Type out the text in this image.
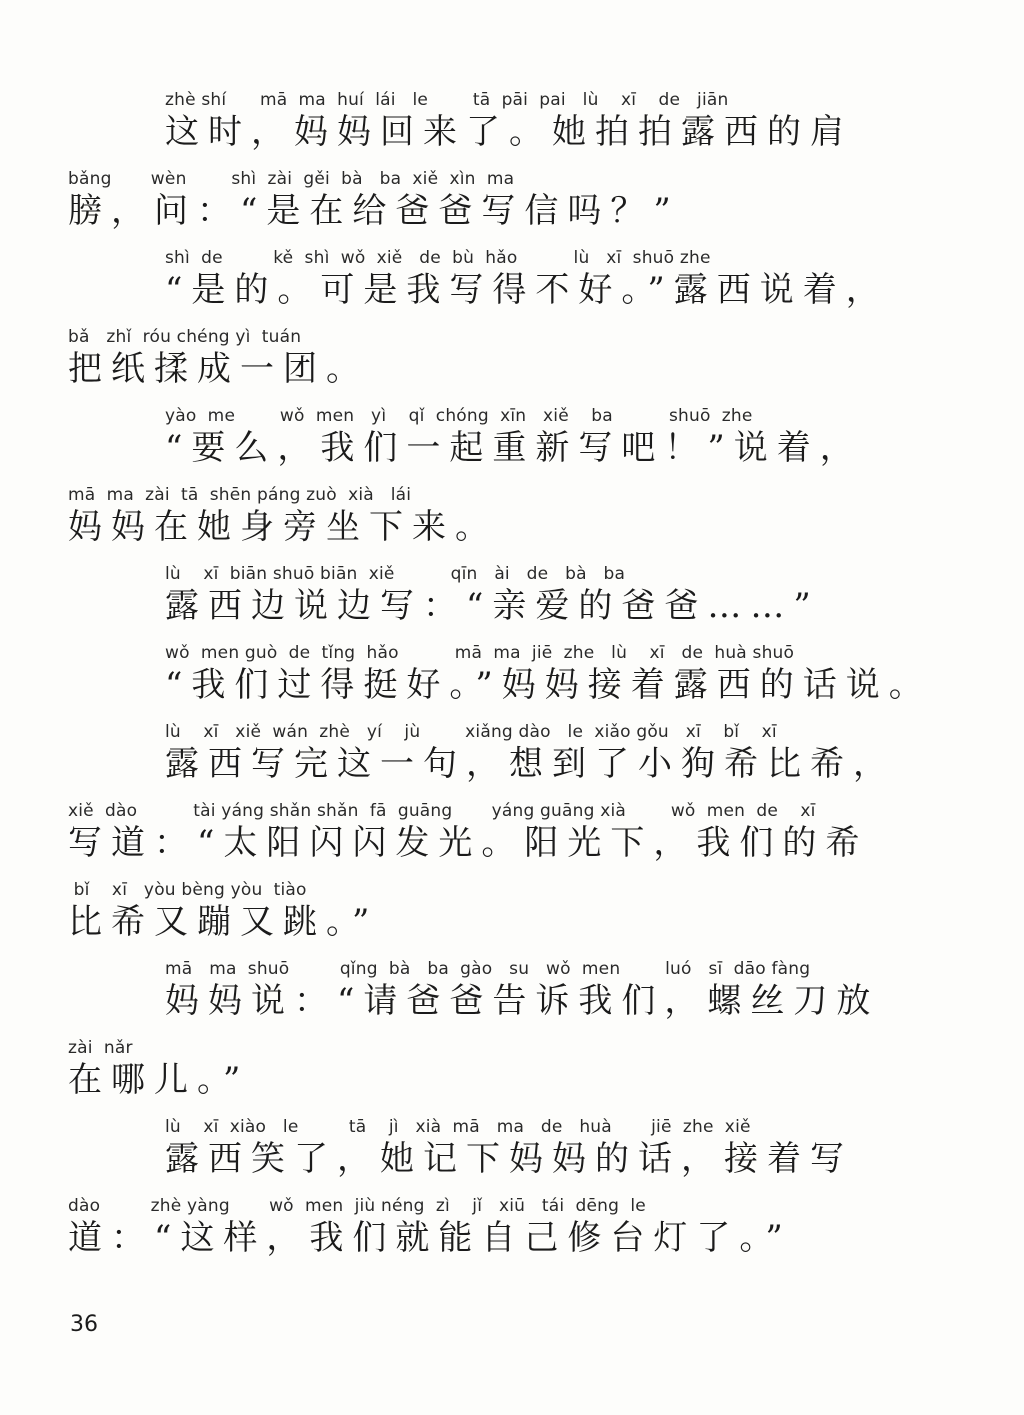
zhè shí      mā  ma  huí  lái   le        tā  pāi  pai   lù    xī    de   jiān
这时，妈妈回来了。她拍拍露西的肩
bǎng       wèn        shì  zài  gěi  bà   ba  xiě  xìn  ma
膀，问：“是在给爸爸写信吗？”
shì  de         kě  shì  wǒ  xiě   de  bù  hǎo          lù   xī  shuō zhe
“是的。可是我写得不好。”露西说着，
bǎ   zhǐ  róu chéng yì  tuán
把纸揉成一团。
yào  me        wǒ  men   yì    qǐ  chóng  xīn   xiě    ba          shuō  zhe
“要么，我们一起重新写吧！”说着，
mā  ma  zài  tā  shēn páng zuò  xià   lái
妈妈在她身旁坐下来。
lù    xī  biān shuō biān  xiě          qīn   ài   de   bà   ba
露西边说边写：“亲爱的爸爸……”
wǒ  men guò  de  tǐng  hǎo          mā  ma  jiē  zhe   lù    xī   de  huà shuō
“我们过得挺好。”妈妈接着露西的话说。
lù    xī   xiě  wán  zhè   yí    jù        xiǎng dào   le  xiǎo gǒu   xī    bǐ    xī
露西写完这一句，想到了小狗希比希，
xiě  dào          tài yáng shǎn shǎn  fā  guāng       yáng guāng xià        wǒ  men  de    xī
写道：“太阳闪闪发光。阳光下，我们的希
bǐ    xī   yòu bèng yòu  tiào
比希又蹦又跳。”
mā   ma  shuō         qǐng  bà   ba  gào   su   wǒ  men        luó   sī  dāo fàng
妈妈说：“请爸爸告诉我们，螺丝刀放
zài  nǎr
在哪儿。”
lù    xī  xiào   le         tā    jì   xià  mā   ma   de   huà       jiē  zhe  xiě
露西笑了，她记下妈妈的话，接着写
dào         zhè yàng       wǒ  men  jiù néng  zì    jǐ   xiū   tái  dēng  le
道：“这样，我们就能自己修台灯了。”
36
